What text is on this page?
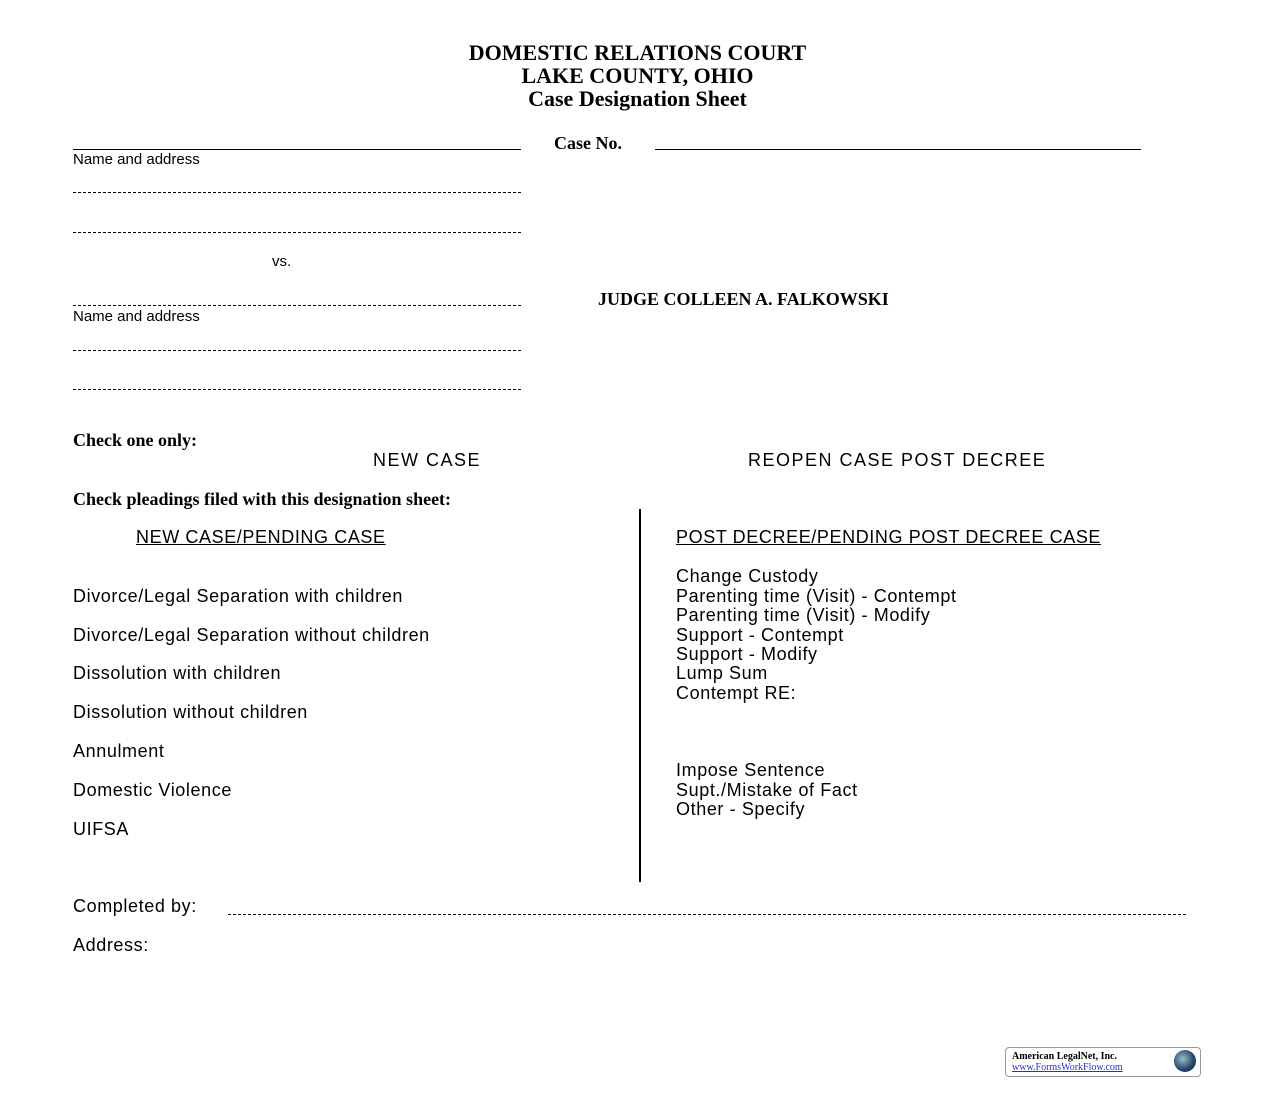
DOMESTIC RELATIONS COURT
LAKE COUNTY, OHIO
Case Designation Sheet
Case No.
Name and address
vs.
JUDGE COLLEEN A. FALKOWSKI
Name and address
Check one only:
NEW CASE	REOPEN CASE POST DECREE
Check pleadings filed with this designation sheet:
NEW CASE/PENDING CASE	POST DECREE/PENDING POST DECREE CASE
Divorce/Legal Separation with children
Divorce/Legal Separation without children
Dissolution with children
Dissolution without children
Annulment
Domestic Violence
UIFSA
Change Custody
Parenting time (Visit) - Contempt
Parenting time (Visit) - Modify
Support - Contempt
Support - Modify
Lump Sum
Contempt RE:
Impose Sentence
Supt./Mistake of Fact
Other - Specify
Completed by:
Address:
American LegalNet, Inc.
www.FormsWorkFlow.com
